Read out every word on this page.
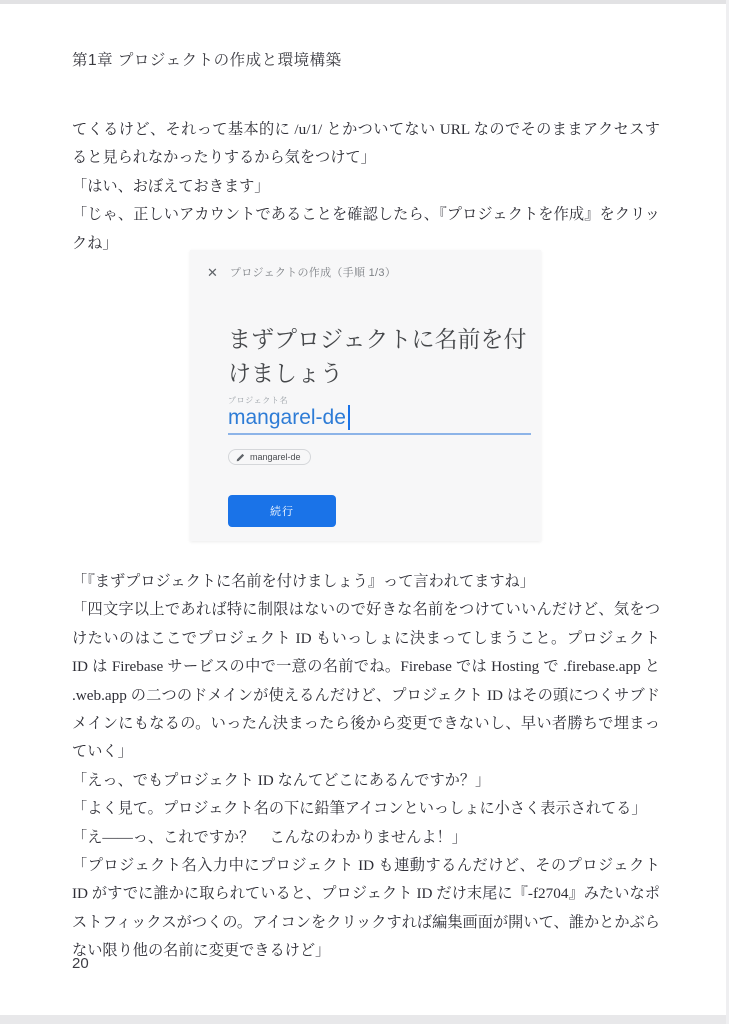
第1章 プロジェクトの作成と環境構築

てくるけど、それって基本的に /u/1/ とかついてない URL なのでそのままアクセスすると見られなかったりするから気をつけて」

「はい、おぼえておきます」

「じゃ、正しいアカウントであることを確認したら、『プロジェクトを作成』をクリックね」

✕ プロジェクトの作成（手順 1/3）
まずプロジェクトに名前を付けましょう
プロジェクト名
mangarel-de
mangarel-de
続行

「『まずプロジェクトに名前を付けましょう』って言われてますね」

「四文字以上であれば特に制限はないので好きな名前をつけていいんだけど、気をつけたいのはここでプロジェクト ID もいっしょに決まってしまうこと。プロジェクト ID は Firebase サービスの中で一意の名前でね。Firebase では Hosting で .firebase.app と .web.app の二つのドメインが使えるんだけど、プロジェクト ID はその頭につくサブドメインにもなるの。いったん決まったら後から変更できないし、早い者勝ちで埋まっていく」

「えっ、でもプロジェクト ID なんてどこにあるんですか？」

「よく見て。プロジェクト名の下に鉛筆アイコンといっしょに小さく表示されてる」

「え——っ、これですか？　こんなのわかりませんよ！」

「プロジェクト名入力中にプロジェクト ID も連動するんだけど、そのプロジェクト ID がすでに誰かに取られていると、プロジェクト ID だけ末尾に『-f2704』みたいなポストフィックスがつくの。アイコンをクリックすれば編集画面が開いて、誰かとかぶらない限り他の名前に変更できるけど」

20
